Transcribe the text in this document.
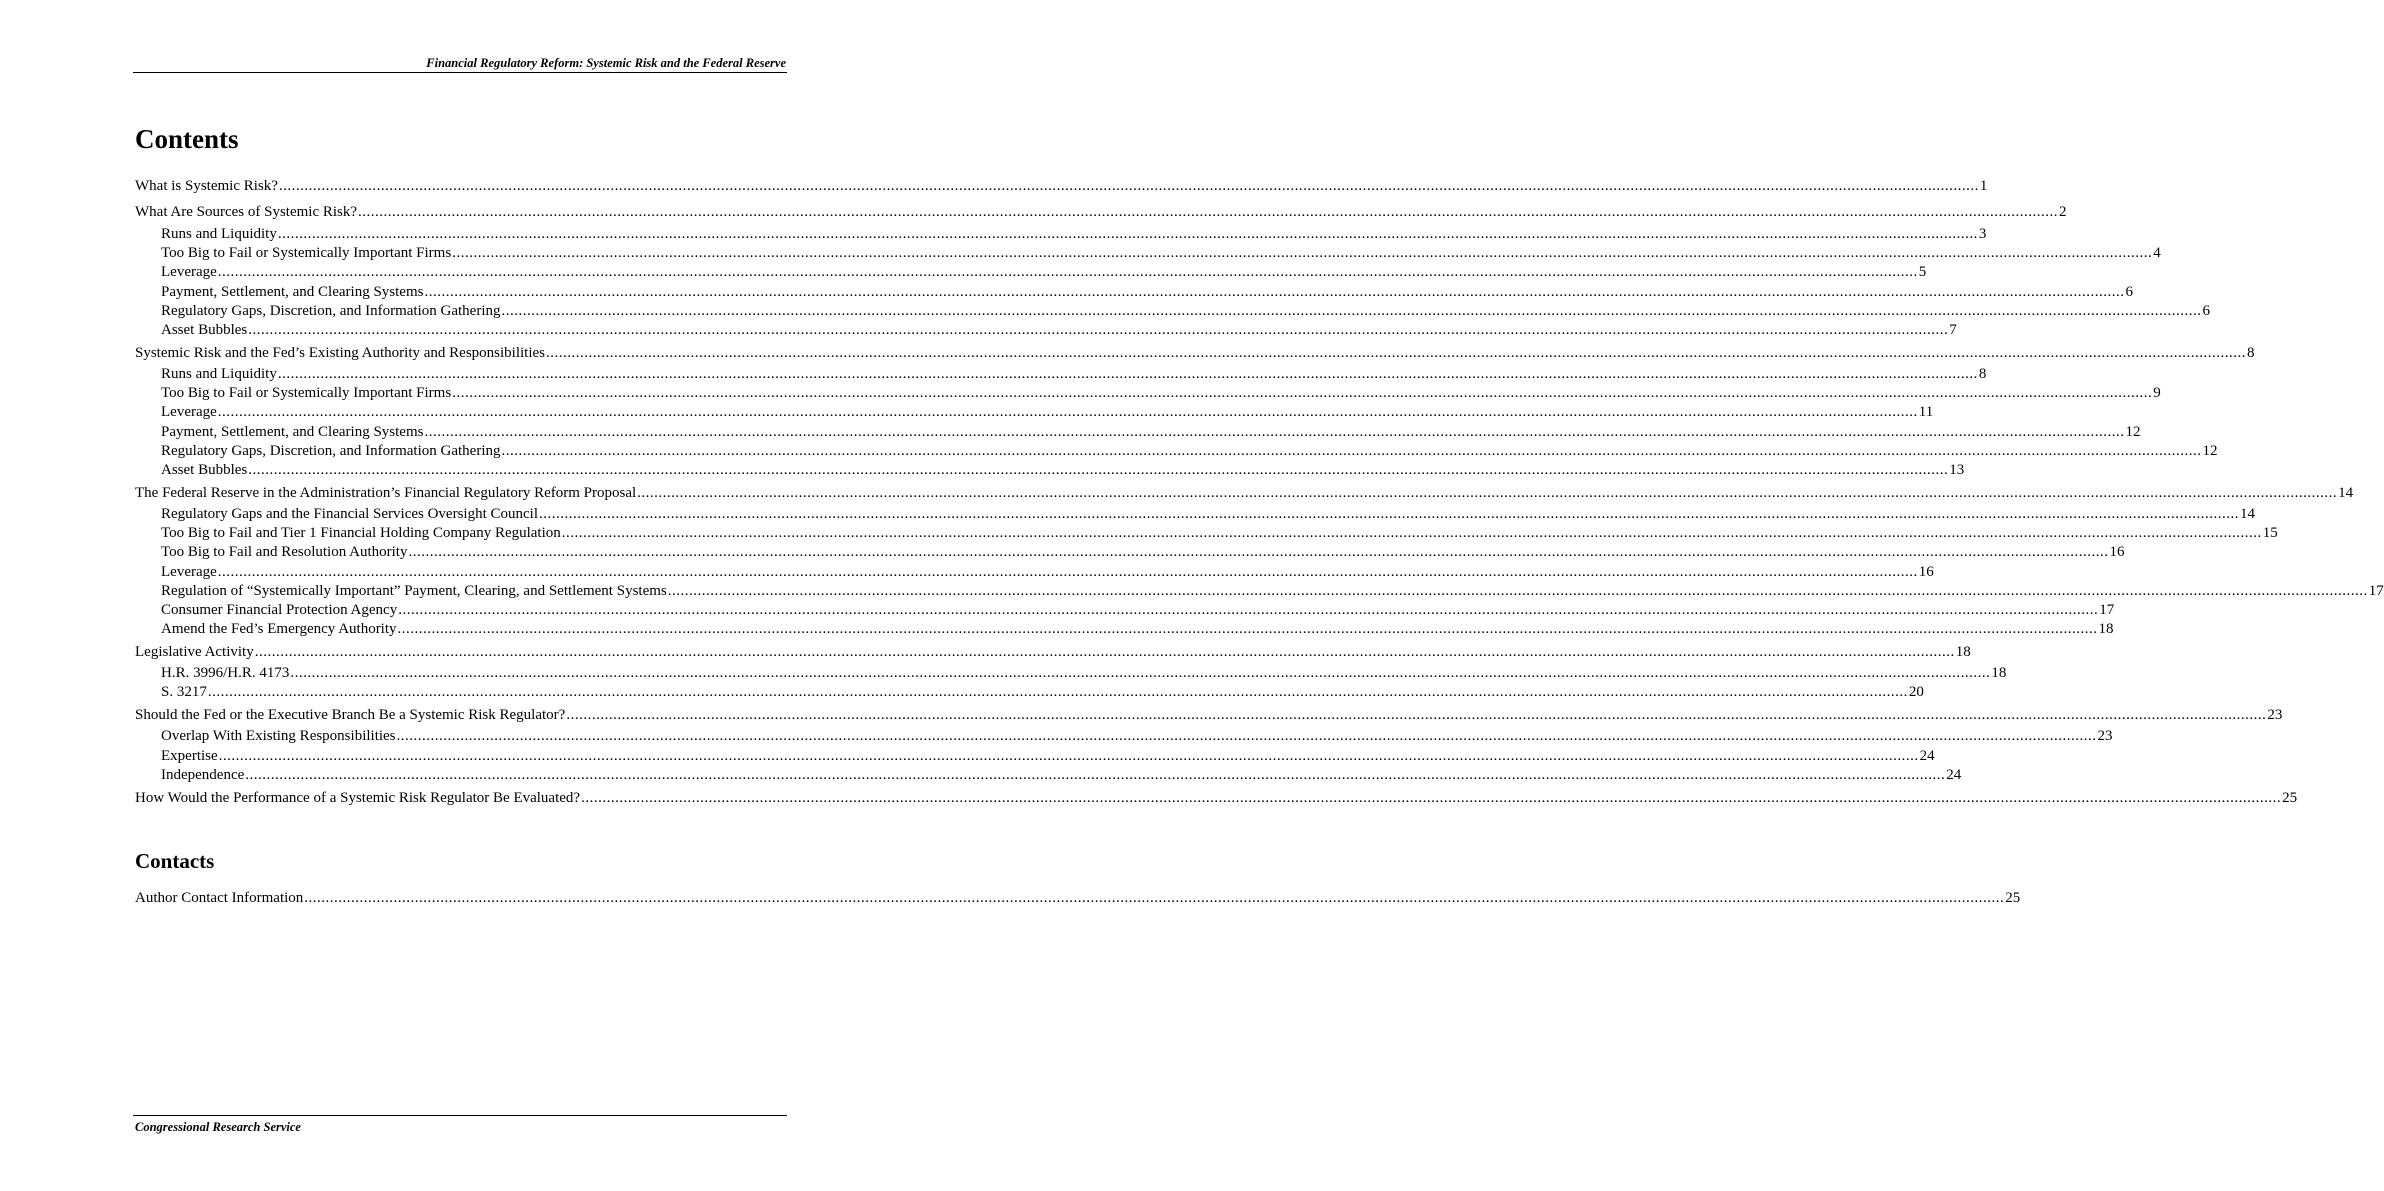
Financial Regulatory Reform: Systemic Risk and the Federal Reserve
Contents
What is Systemic Risk? ................................................................................................................................................................................................................................................................................................................................................................................................................ 1
What Are Sources of Systemic Risk? ................................................................................................................................................................................................................................................................................................................................................................................................................ 2
Runs and Liquidity ................................................................................................................................................................................................................................................................................................................................................................................................................ 3
Too Big to Fail or Systemically Important Firms ................................................................................................................................................................................................................................................................................................................................................................................................................ 4
Leverage ................................................................................................................................................................................................................................................................................................................................................................................................................ 5
Payment, Settlement, and Clearing Systems ................................................................................................................................................................................................................................................................................................................................................................................................................ 6
Regulatory Gaps, Discretion, and Information Gathering ................................................................................................................................................................................................................................................................................................................................................................................................................ 6
Asset Bubbles ................................................................................................................................................................................................................................................................................................................................................................................................................ 7
Systemic Risk and the Fed’s Existing Authority and Responsibilities ................................................................................................................................................................................................................................................................................................................................................................................................................ 8
Runs and Liquidity ................................................................................................................................................................................................................................................................................................................................................................................................................ 8
Too Big to Fail or Systemically Important Firms ................................................................................................................................................................................................................................................................................................................................................................................................................ 9
Leverage ................................................................................................................................................................................................................................................................................................................................................................................................................ 11
Payment, Settlement, and Clearing Systems ................................................................................................................................................................................................................................................................................................................................................................................................................ 12
Regulatory Gaps, Discretion, and Information Gathering ................................................................................................................................................................................................................................................................................................................................................................................................................ 12
Asset Bubbles ................................................................................................................................................................................................................................................................................................................................................................................................................ 13
The Federal Reserve in the Administration’s Financial Regulatory Reform Proposal ................................................................................................................................................................................................................................................................................................................................................................................................................ 14
Regulatory Gaps and the Financial Services Oversight Council ................................................................................................................................................................................................................................................................................................................................................................................................................ 14
Too Big to Fail and Tier 1 Financial Holding Company Regulation ................................................................................................................................................................................................................................................................................................................................................................................................................ 15
Too Big to Fail and Resolution Authority ................................................................................................................................................................................................................................................................................................................................................................................................................ 16
Leverage ................................................................................................................................................................................................................................................................................................................................................................................................................ 16
Regulation of “Systemically Important” Payment, Clearing, and Settlement Systems ................................................................................................................................................................................................................................................................................................................................................................................................................ 17
Consumer Financial Protection Agency ................................................................................................................................................................................................................................................................................................................................................................................................................ 17
Amend the Fed’s Emergency Authority ................................................................................................................................................................................................................................................................................................................................................................................................................ 18
Legislative Activity ................................................................................................................................................................................................................................................................................................................................................................................................................ 18
H.R. 3996/H.R. 4173 ................................................................................................................................................................................................................................................................................................................................................................................................................ 18
S. 3217 ................................................................................................................................................................................................................................................................................................................................................................................................................ 20
Should the Fed or the Executive Branch Be a Systemic Risk Regulator? ................................................................................................................................................................................................................................................................................................................................................................................................................ 23
Overlap With Existing Responsibilities ................................................................................................................................................................................................................................................................................................................................................................................................................ 23
Expertise ................................................................................................................................................................................................................................................................................................................................................................................................................ 24
Independence ................................................................................................................................................................................................................................................................................................................................................................................................................ 24
How Would the Performance of a Systemic Risk Regulator Be Evaluated? ................................................................................................................................................................................................................................................................................................................................................................................................................ 25
Contacts
Author Contact Information ................................................................................................................................................................................................................................................................................................................................................................................................................ 25
Congressional Research Service
